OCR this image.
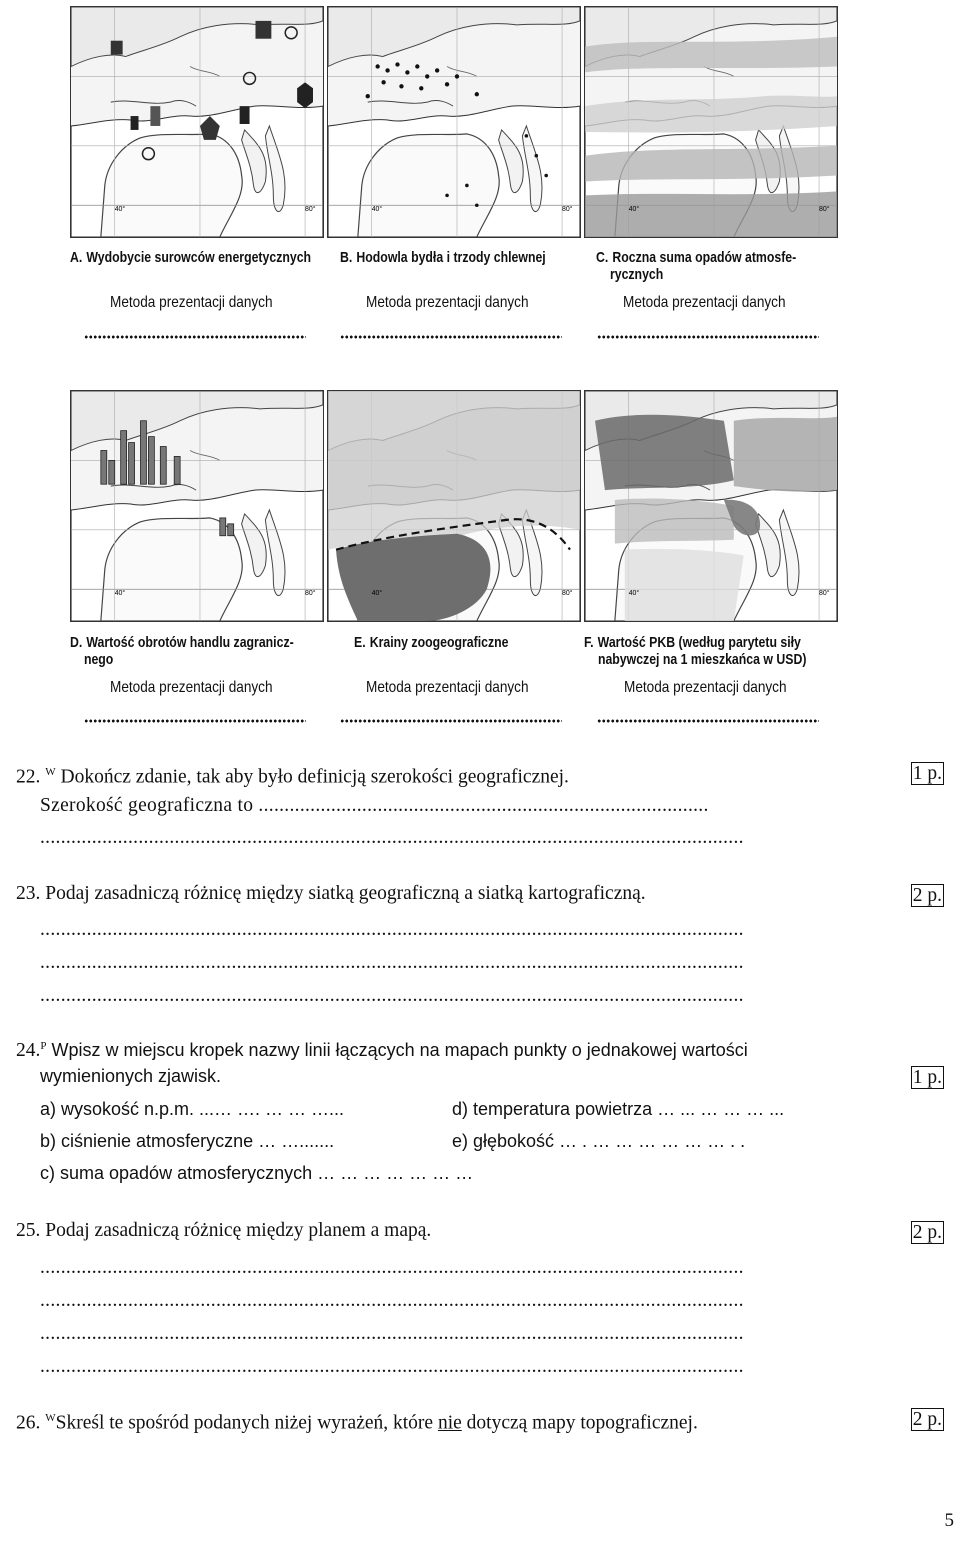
40°	80°	40°	80°	40°	80°
40°	80°	40°	80°	40°	80°
A. Wydobycie surowców energetycznych B. Hodowla bydła i trzody chlewnej	C. Roczna suma opadów atmosfe-
rycznych
Metoda prezentacji danych	Metoda prezentacji danych	Metoda prezentacji danych
D. Wartość obrotów handlu zagranicz-
nego
E. Krainy zoogeograficzne	F. Wartość PKB (według parytetu siły
nabywczej na 1 mieszkańca w USD)
Metoda prezentacji danych	Metoda prezentacji danych	Metoda prezentacji danych
22. $^W$ Dokończ zdanie, tak aby było definicją szerokości geograficznej.	1 p.
Szerokość geograficzna to .......................................................................................
........................................................................................................................................
23. Podaj zasadniczą różnicę między siatką geograficzną a siatką kartograficzną.	2 p.
........................................................................................................................................
........................................................................................................................................
........................................................................................................................................
24.$^P$ Wpisz w miejscu kropek nazwy linii łączących na mapach punkty o jednakowej wartości
wymienionych zjawisk.	1 p.
a) wysokość n.p.m. ...… …. … … …...	d) temperatura powietrza … ... … … … ...
b) ciśnienie atmosferyczne … ….......	e) głębokość … . … … … … … … . .
c) suma opadów atmosferycznych … … … … … … …
25. Podaj zasadniczą różnicę między planem a mapą.	2 p.
........................................................................................................................................
........................................................................................................................................
........................................................................................................................................
........................................................................................................................................
26. $^W$Skreśl te spośród podanych niżej wyrażeń, które nie dotyczą mapy topograficznej.	2 p.
5
